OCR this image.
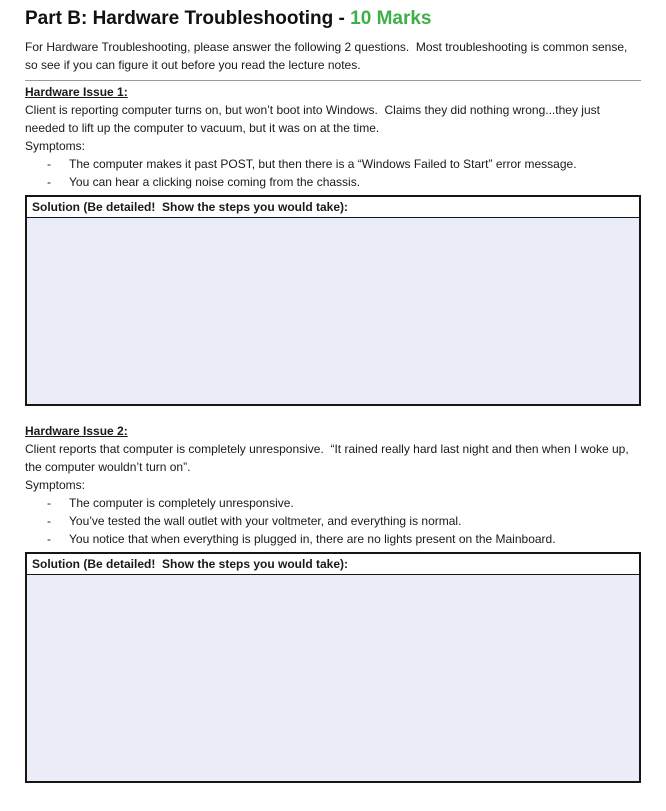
Part B: Hardware Troubleshooting - 10 Marks

For Hardware Troubleshooting, please answer the following 2 questions.  Most troubleshooting is common sense, so see if you can figure it out before you read the lecture notes.

Hardware Issue 1:

Client is reporting computer turns on, but won’t boot into Windows.  Claims they did nothing wrong...they just needed to lift up the computer to vacuum, but it was on at the time.

Symptoms:

- The computer makes it past POST, but then there is a “Windows Failed to Start” error message.
- You can hear a clicking noise coming from the chassis.
Solution (Be detailed!  Show the steps you would take):
Hardware Issue 2:

Client reports that computer is completely unresponsive.  “It rained really hard last night and then when I woke up, the computer wouldn’t turn on”.

Symptoms:

- The computer is completely unresponsive.
- You’ve tested the wall outlet with your voltmeter, and everything is normal.
- You notice that when everything is plugged in, there are no lights present on the Mainboard.
Solution (Be detailed!  Show the steps you would take):
